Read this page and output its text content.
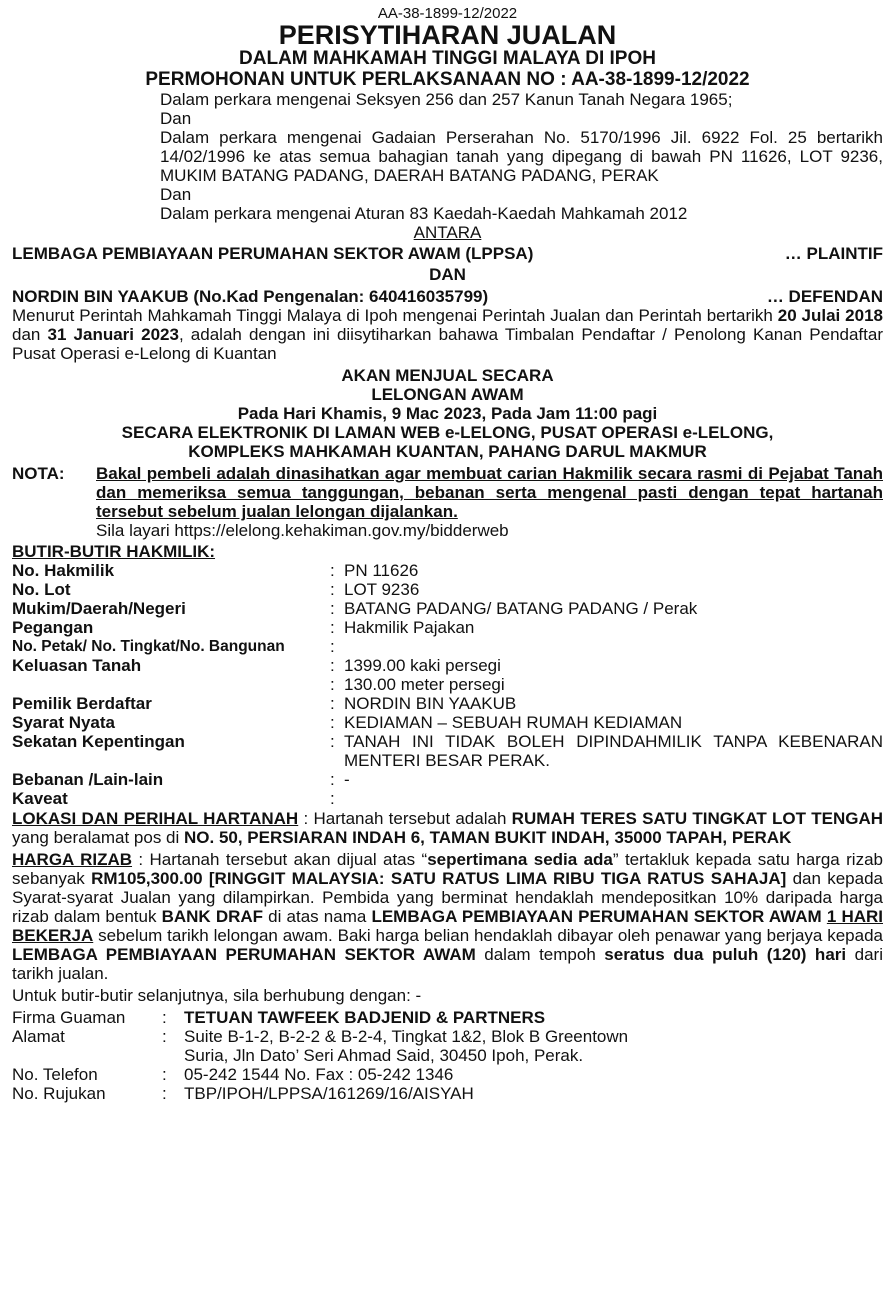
AA-38-1899-12/2022
PERISYTIHARAN JUALAN
DALAM MAHKAMAH TINGGI MALAYA DI IPOH
PERMOHONAN UNTUK PERLAKSANAAN NO : AA-38-1899-12/2022
Dalam perkara mengenai Seksyen 256 dan 257 Kanun Tanah Negara 1965;
Dan
Dalam perkara mengenai Gadaian Perserahan No. 5170/1996 Jil. 6922 Fol. 25 bertarikh 14/02/1996 ke atas semua bahagian tanah yang dipegang di bawah PN 11626, LOT 9236, MUKIM BATANG PADANG, DAERAH BATANG PADANG, PERAK
Dan
Dalam perkara mengenai Aturan 83 Kaedah-Kaedah Mahkamah 2012
ANTARA
LEMBAGA PEMBIAYAAN PERUMAHAN SEKTOR AWAM (LPPSA)	… PLAINTIF
DAN
NORDIN BIN YAAKUB (No.Kad Pengenalan: 640416035799)	… DEFENDAN
Menurut Perintah Mahkamah Tinggi Malaya di Ipoh mengenai Perintah Jualan dan Perintah bertarikh 20 Julai 2018 dan 31 Januari 2023, adalah dengan ini diisytiharkan bahawa Timbalan Pendaftar / Penolong Kanan Pendaftar Pusat Operasi e-Lelong di Kuantan
AKAN MENJUAL SECARA
LELONGAN AWAM
Pada Hari Khamis, 9 Mac 2023, Pada Jam 11:00 pagi
SECARA ELEKTRONIK DI LAMAN WEB e-LELONG, PUSAT OPERASI e-LELONG,
KOMPLEKS MAHKAMAH KUANTAN, PAHANG DARUL MAKMUR
NOTA:	Bakal pembeli adalah dinasihatkan agar membuat carian Hakmilik secara rasmi di Pejabat Tanah dan memeriksa semua tanggungan, bebanan serta mengenal pasti dengan tepat hartanah tersebut sebelum jualan lelongan dijalankan.
Sila layari https://elelong.kehakiman.gov.my/bidderweb
BUTIR-BUTIR HAKMILIK:
No. Hakmilik	: PN 11626
No. Lot	: LOT 9236
Mukim/Daerah/Negeri	: BATANG PADANG/ BATANG PADANG / Perak
Pegangan	: Hakmilik Pajakan
No. Petak/ No. Tingkat/No. Bangunan	:
Keluasan Tanah	: 1399.00 kaki persegi
: 130.00 meter persegi
Pemilik Berdaftar	: NORDIN BIN YAAKUB
Syarat Nyata	: KEDIAMAN – SEBUAH RUMAH KEDIAMAN
Sekatan Kepentingan	: TANAH INI TIDAK BOLEH DIPINDAHMILIK TANPA KEBENARAN MENTERI BESAR PERAK.
Bebanan /Lain-lain	: -
Kaveat	:
LOKASI DAN PERIHAL HARTANAH : Hartanah tersebut adalah RUMAH TERES SATU TINGKAT LOT TENGAH yang beralamat pos di NO. 50, PERSIARAN INDAH 6, TAMAN BUKIT INDAH, 35000 TAPAH, PERAK
HARGA RIZAB : Hartanah tersebut akan dijual atas “sepertimana sedia ada” tertakluk kepada satu harga rizab sebanyak RM105,300.00 [RINGGIT MALAYSIA: SATU RATUS LIMA RIBU TIGA RATUS SAHAJA] dan kepada Syarat-syarat Jualan yang dilampirkan. Pembida yang berminat hendaklah mendepositkan 10% daripada harga rizab dalam bentuk BANK DRAF di atas nama LEMBAGA PEMBIAYAAN PERUMAHAN SEKTOR AWAM 1 HARI BEKERJA sebelum tarikh lelongan awam. Baki harga belian hendaklah dibayar oleh penawar yang berjaya kepada LEMBAGA PEMBIAYAAN PERUMAHAN SEKTOR AWAM dalam tempoh seratus dua puluh (120) hari dari tarikh jualan.
Untuk butir-butir selanjutnya, sila berhubung dengan: -
Firma Guaman	:	TETUAN TAWFEEK BADJENID & PARTNERS
Alamat	:	Suite B-1-2, B-2-2 & B-2-4, Tingkat 1&2, Blok B Greentown
Suria, Jln Dato’ Seri Ahmad Said, 30450 Ipoh, Perak.
No. Telefon	:	05-242 1544 No. Fax : 05-242 1346
No. Rujukan	:	TBP/IPOH/LPPSA/161269/16/AISYAH
